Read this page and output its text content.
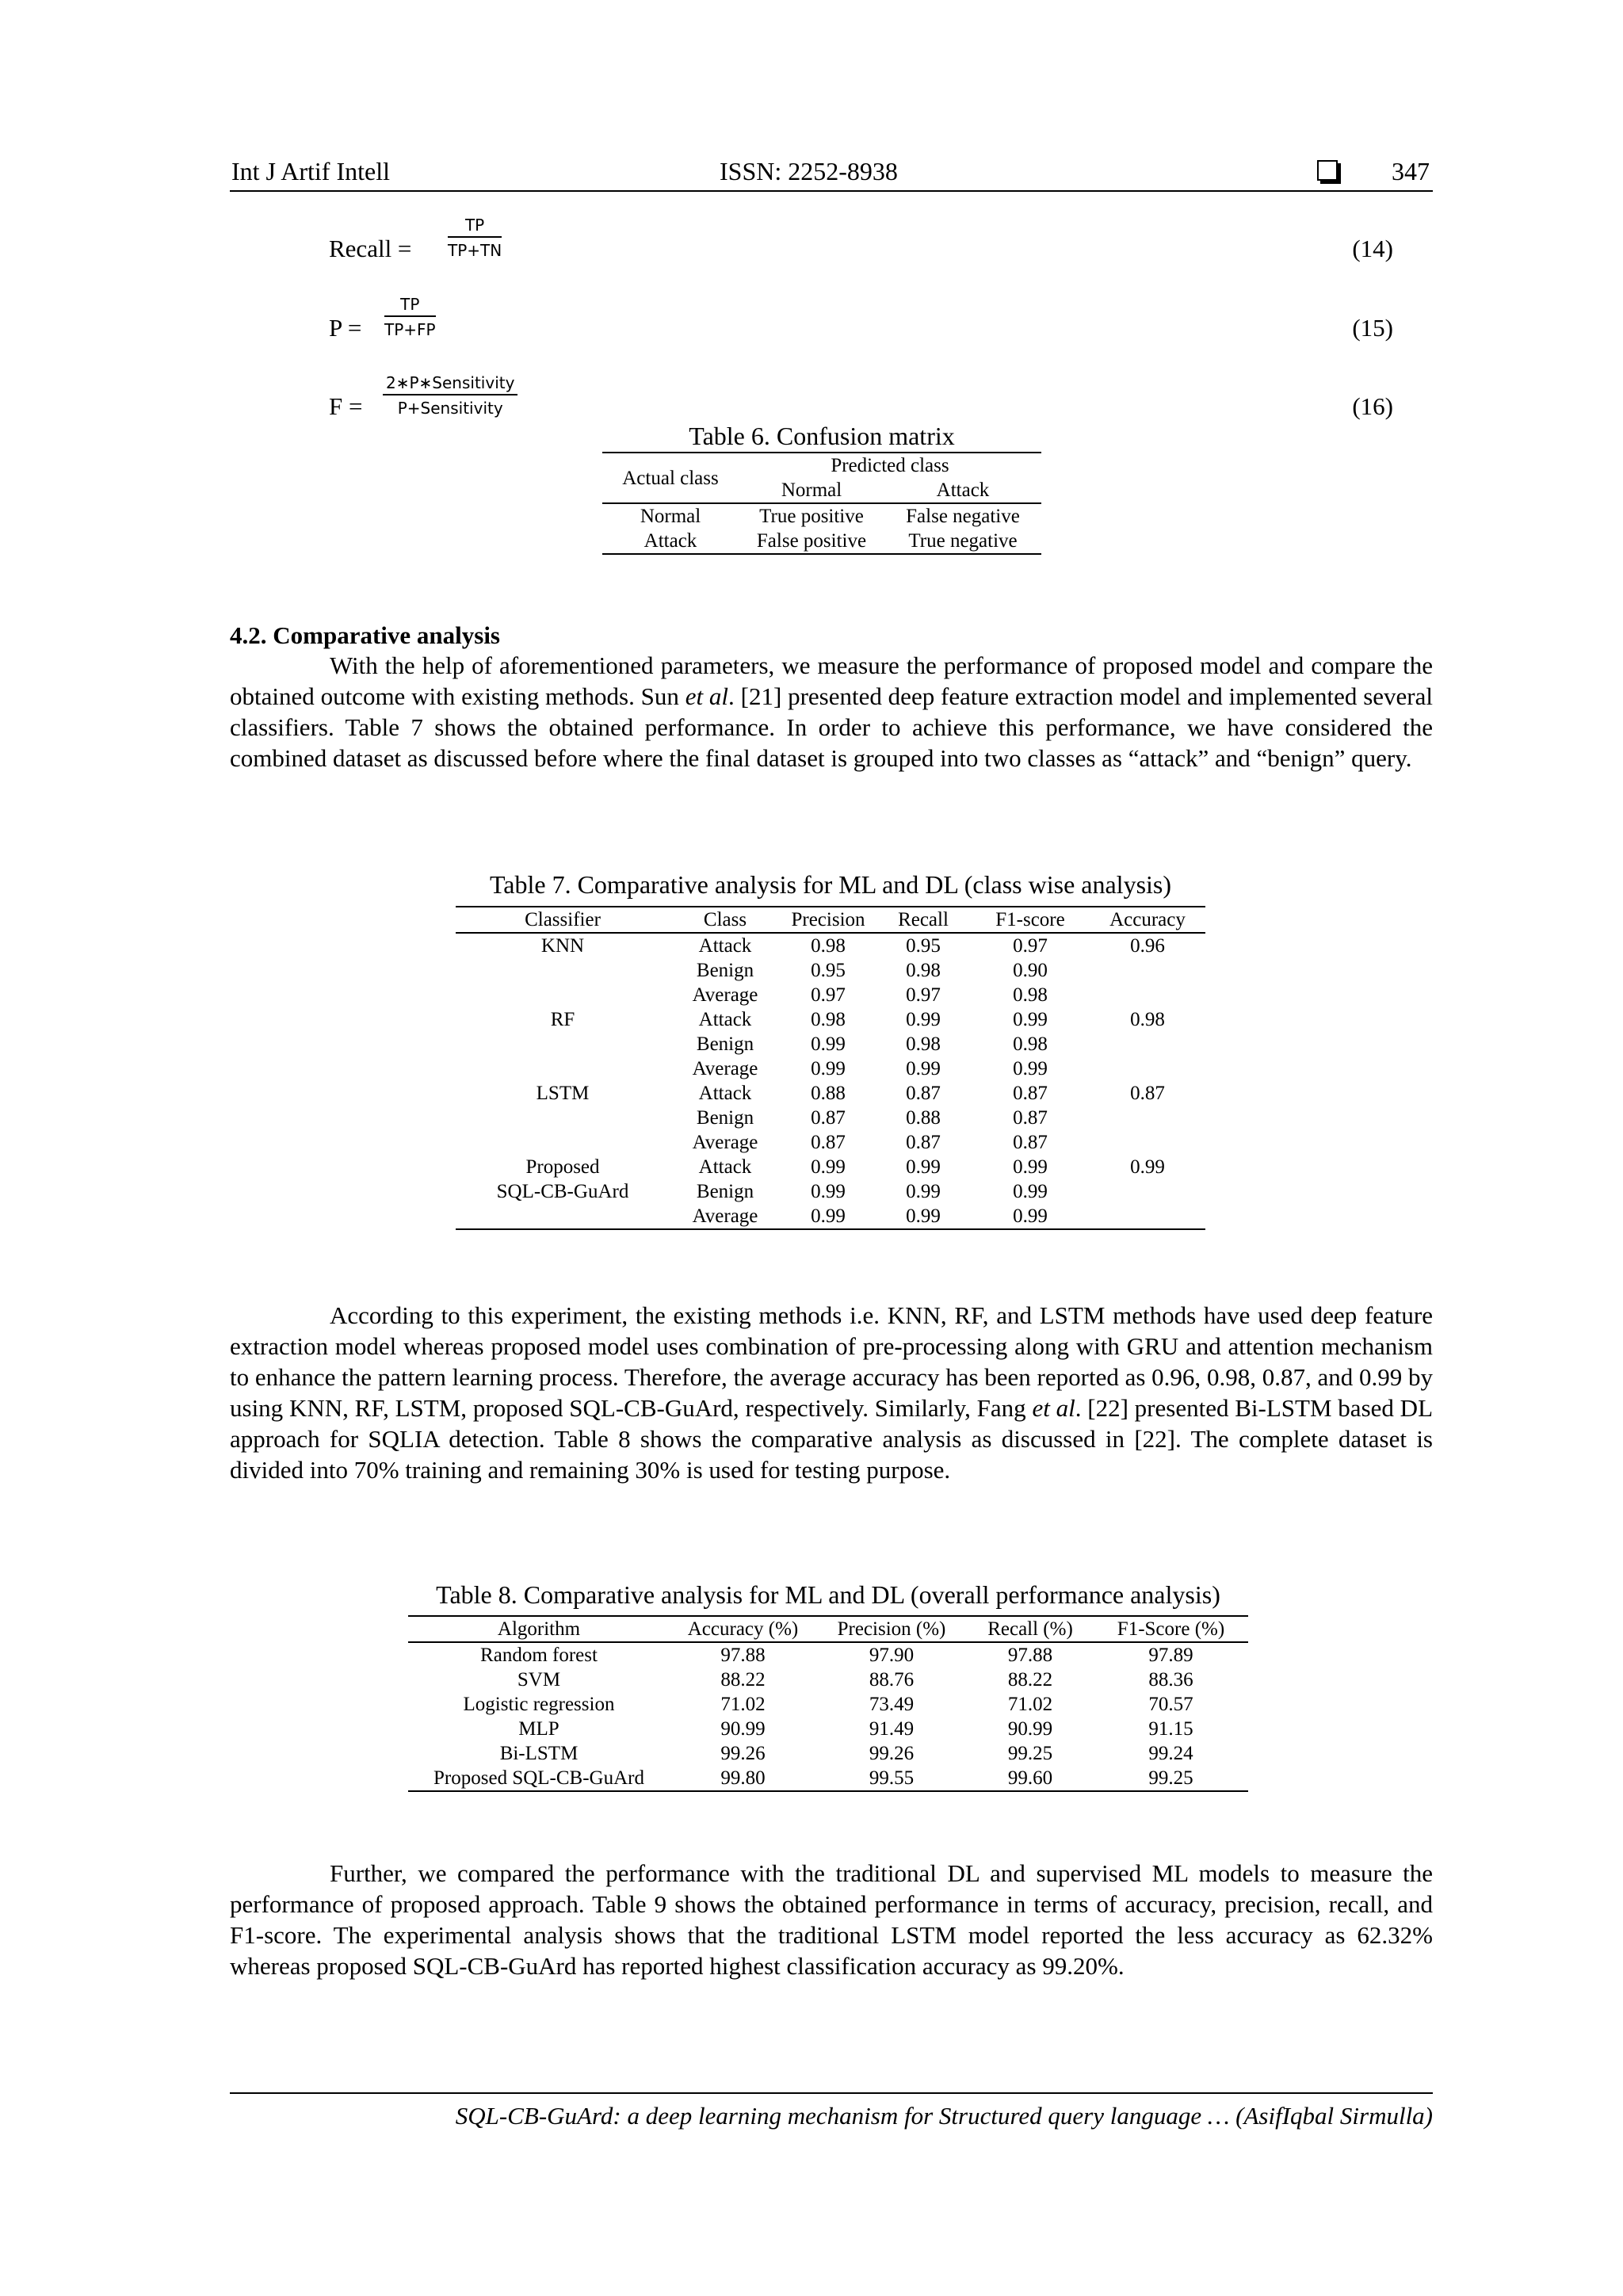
Int J Artif Intell	ISSN: 2252-8938	347
Recall = $\frac{TP}{TP+TN}$	(14)
$P = \frac{TP}{TP+FP}$	(15)
F =
2∗P∗Sensitivity
P+Sensitivity	(16)
Table 6. Confusion matrix
Actual class	Predicted class	
	Normal	Attack
Normal	True positive	False negative
Attack	False positive	True negative
4.2. Comparative analysis
With the help of aforementioned parameters, we measure the performance of proposed model and compare the obtained outcome with existing methods. Sun et al. [21] presented deep feature extraction model and implemented several classifiers. Table 7 shows the obtained performance. In order to achieve this performance, we have considered the combined dataset as discussed before where the final dataset is grouped into two classes as “attack” and “benign” query.
Table 7. Comparative analysis for ML and DL (class wise analysis)
Classifier	Class	Precision	Recall	F1-score	Accuracy
KNN	Attack	0.98	0.95	0.97	0.96
	Benign	0.95	0.98	0.90	
	Average	0.97	0.97	0.98	
RF	Attack	0.98	0.99	0.99	0.98
	Benign	0.99	0.98	0.98	
	Average	0.99	0.99	0.99	
LSTM	Attack	0.88	0.87	0.87	0.87
	Benign	0.87	0.88	0.87	
	Average	0.87	0.87	0.87	
Proposed	Attack	0.99	0.99	0.99	0.99
SQL-CB-GuArd	Benign	0.99	0.99	0.99	
	Average	0.99	0.99	0.99	
According to this experiment, the existing methods i.e. KNN, RF, and LSTM methods have used deep feature extraction model whereas proposed model uses combination of pre-processing along with GRU and attention mechanism to enhance the pattern learning process. Therefore, the average accuracy has been reported as 0.96, 0.98, 0.87, and 0.99 by using KNN, RF, LSTM, proposed SQL-CB-GuArd, respectively. Similarly, Fang et al. [22] presented Bi-LSTM based DL approach for SQLIA detection. Table 8 shows the comparative analysis as discussed in [22]. The complete dataset is divided into 70% training and remaining 30% is used for testing purpose.
Table 8. Comparative analysis for ML and DL (overall performance analysis)
Algorithm	Accuracy (%)	Precision (%)	Recall (%)	F1-Score (%)
Random forest	97.88	97.90	97.88	97.89
SVM	88.22	88.76	88.22	88.36
Logistic regression	71.02	73.49	71.02	70.57
MLP	90.99	91.49	90.99	91.15
Bi-LSTM	99.26	99.26	99.25	99.24
Proposed SQL-CB-GuArd	99.80	99.55	99.60	99.25
Further, we compared the performance with the traditional DL and supervised ML models to measure the performance of proposed approach. Table 9 shows the obtained performance in terms of accuracy, precision, recall, and F1-score. The experimental analysis shows that the traditional LSTM model reported the less accuracy as 62.32% whereas proposed SQL-CB-GuArd has reported highest classification accuracy as 99.20%.
SQL-CB-GuArd: a deep learning mechanism for Structured query language … (AsifIqbal Sirmulla)
